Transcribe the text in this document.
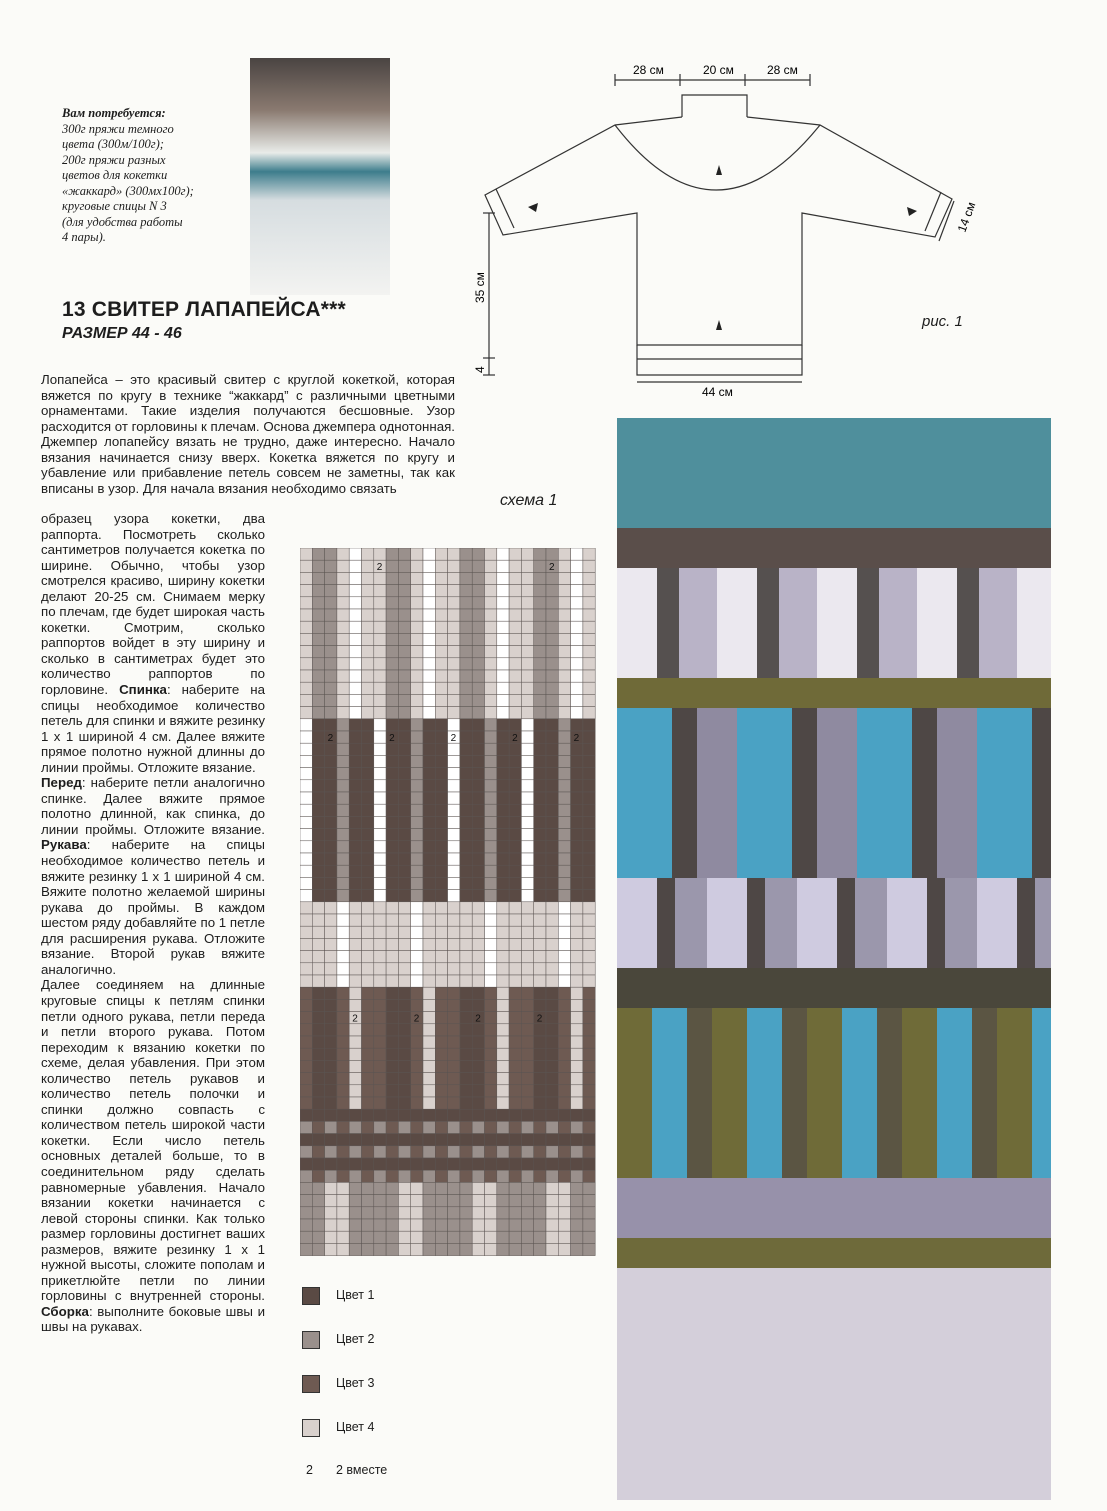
Вам потребуется:
300г пряжи темного
цвета (300м/100г);
200г пряжи разных
цветов для кокетки
«жаккард» (300мх100г);
круговые спицы N 3
(для удобства работы
4 пары).
13 СВИТЕР ЛАПАПЕЙСА***
РАЗМЕР 44 - 46
28 см	20 см	28 см
14 см
35 см
4
44 см
рис. 1
Лопапейса – это красивый свитер с круглой кокеткой, которая вяжется по кругу в технике “жаккард” с различными цветными орнаментами. Такие изделия получаются бесшовные. Узор расходится от горловины к плечам. Основа джемпера однотонная. Джемпер лопапейсу вязать не трудно, даже интересно. Начало вязания начинается снизу вверх. Кокетка вяжется по кругу и убавление или прибавление петель совсем не заметны, так как вписаны в узор. Для начала вязания необходимо связать
схема 1
образец узора кокетки, два раппорта. Посмотреть сколько сантиметров получается кокетка по ширине. Обычно, чтобы узор смотрелся красиво, ширину кокетки делают 20-25 см. Снимаем мерку по плечам, где будет широкая часть кокетки. Смотрим, сколько раппортов войдет в эту ширину и сколько в сантиметрах будет это количество раппортов по горловине. Спинка: наберите на спицы необходимое количество петель для спинки и вяжите резинку 1 х 1 шириной 4 см. Далее вяжите прямое полотно нужной длинны до линии проймы. Отложите вязание.
Перед: наберите петли аналогично спинке. Далее вяжите прямое полотно длинной, как спинка, до линии проймы. Отложите вязание. Рукава: наберите на спицы необходимое количество петель и вяжите резинку 1 х 1 шириной 4 см. Вяжите полотно желаемой ширины рукава до проймы. В каждом шестом ряду добавляйте по 1 петле для расширения рукава. Отложите вязание. Второй рукав вяжите аналогично.
Далее соединяем на длинные круговые спицы к петлям спинки петли одного рукава, петли переда и петли второго рукава. Потом переходим к вязанию кокетки по схеме, делая убавления. При этом количество петель рукавов и количество петель полочки и спинки должно совпасть с количеством петель широкой части кокетки. Если число петель основных деталей больше, то в соединительном ряду сделать равномерные убавления. Начало вязании кокетки начинается с левой стороны спинки. Как только размер горловины достигнет ваших размеров, вяжите резинку 1 х 1 нужной высоты, сложите пополам и прикетлюйте петли по линии горловины с внутренней стороны. Сборка: выполните боковые швы и швы на рукавах.
2	2
2	2	2	2	2
2	2	2	2
Цвет 1
Цвет 2
Цвет 3
Цвет 4
2 2 вместе
